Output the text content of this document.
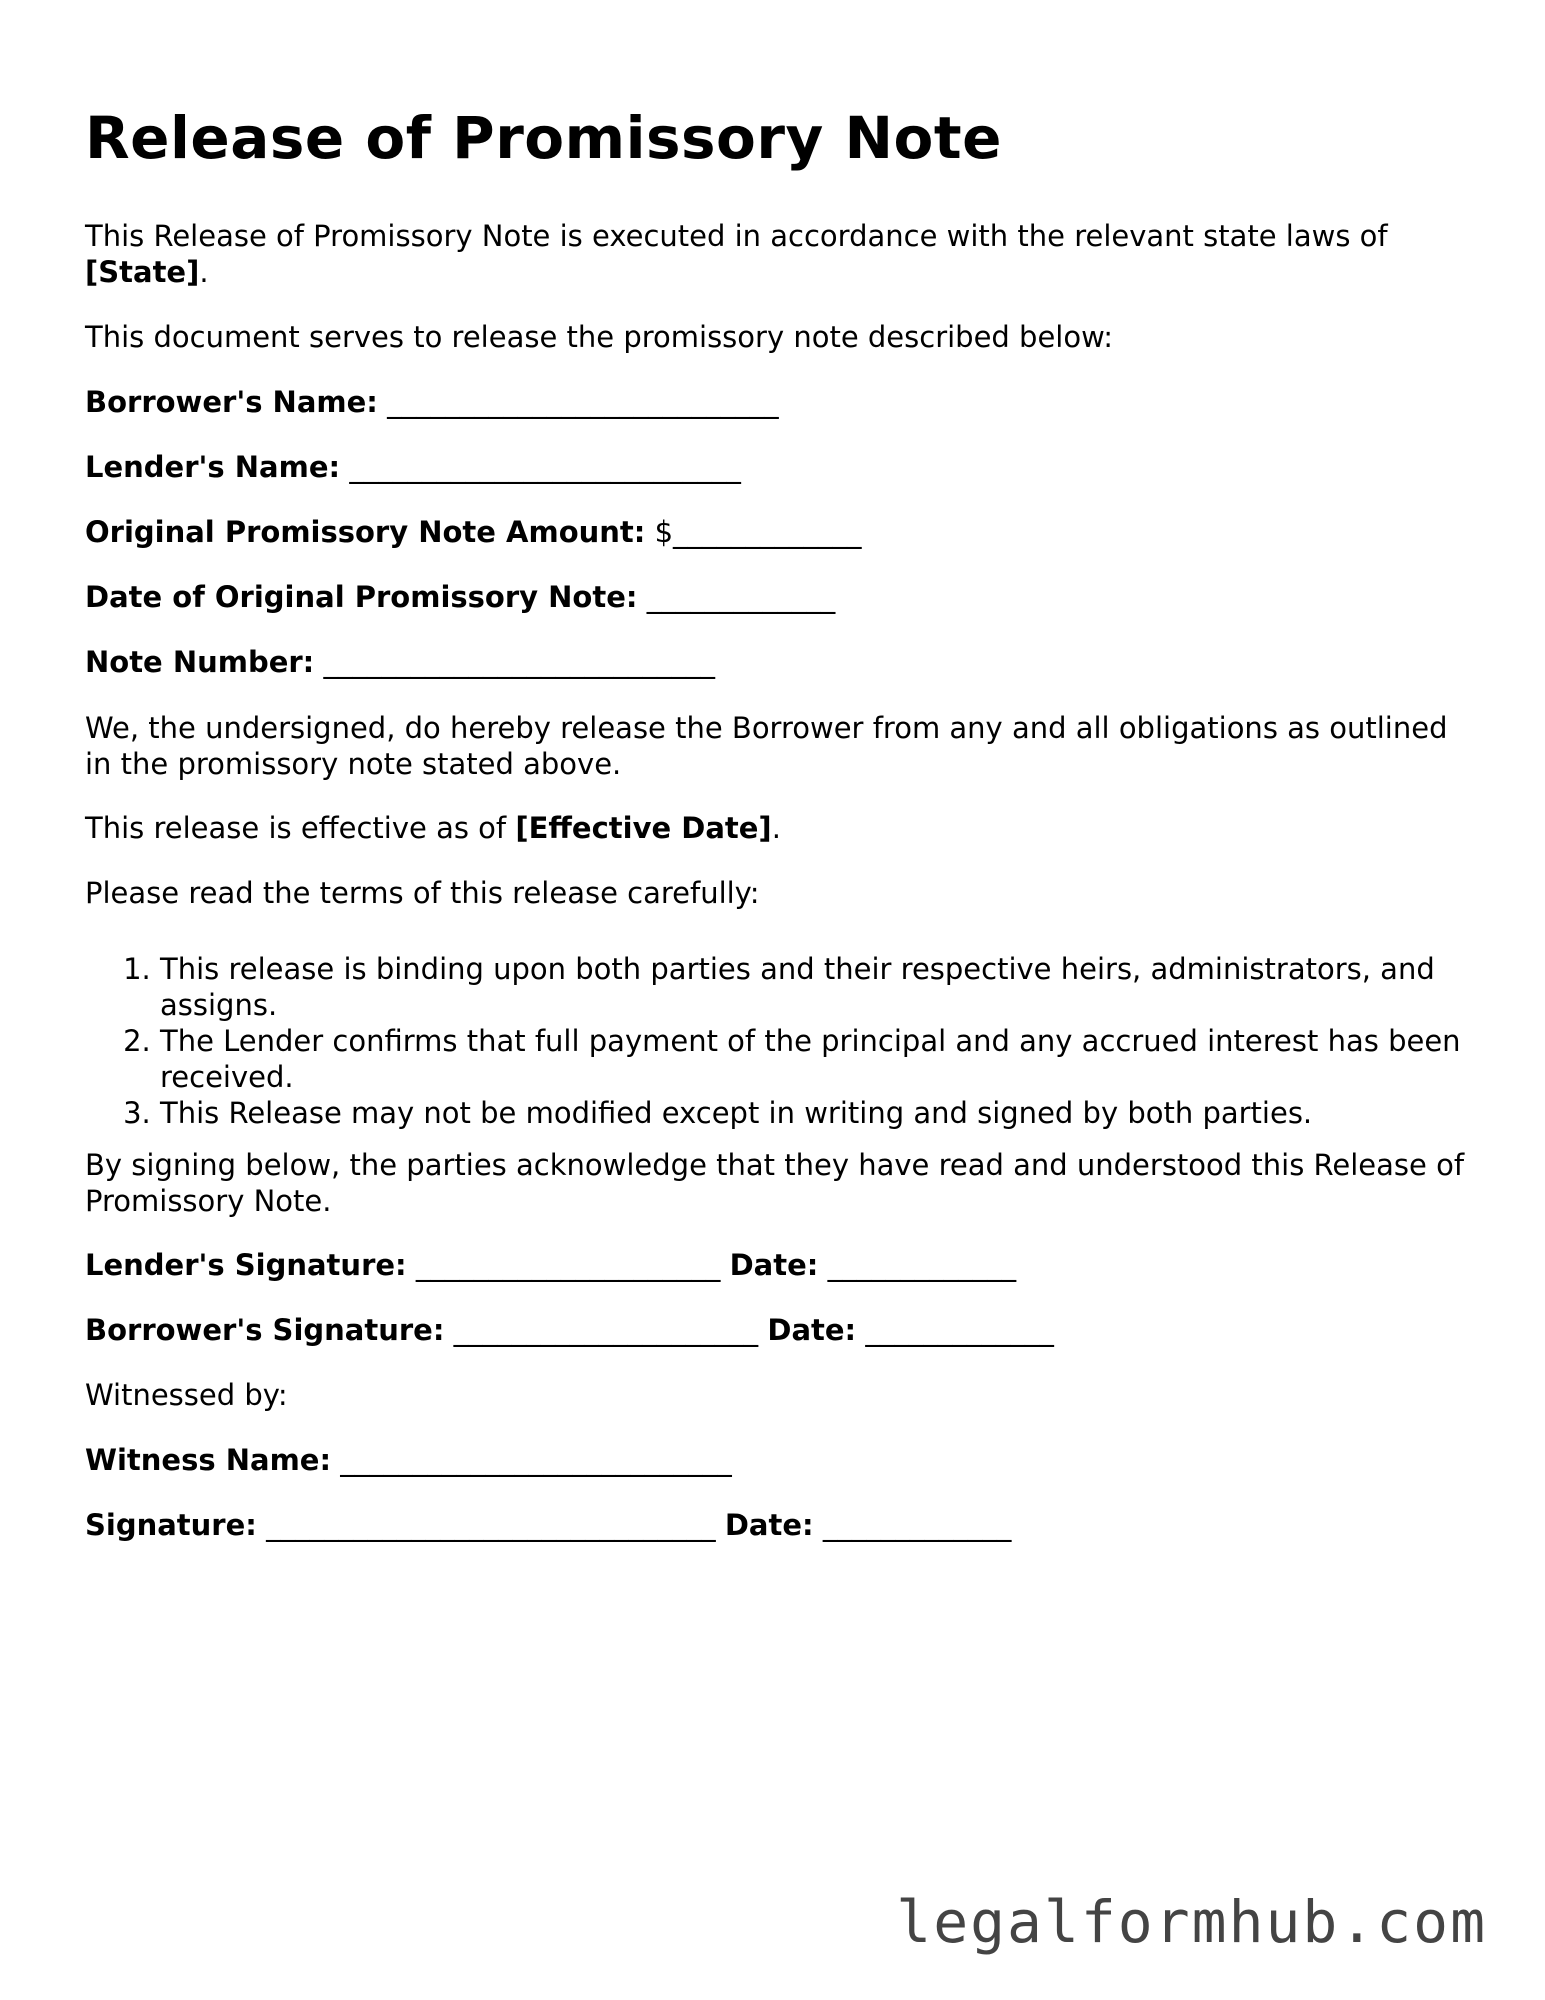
Release of Promissory Note

This Release of Promissory Note is executed in accordance with the relevant state laws of [State].

This document serves to release the promissory note described below:

Borrower's Name: ___________________________

Lender's Name: ___________________________

Original Promissory Note Amount: $_____________

Date of Original Promissory Note: _____________

Note Number: ___________________________

We, the undersigned, do hereby release the Borrower from any and all obligations as outlined in the promissory note stated above.

This release is effective as of [Effective Date].

Please read the terms of this release carefully:

1. This release is binding upon both parties and their respective heirs, administrators, and assigns.
2. The Lender confirms that full payment of the principal and any accrued interest has been received.
3. This Release may not be modified except in writing and signed by both parties.

By signing below, the parties acknowledge that they have read and understood this Release of Promissory Note.

Lender's Signature: _____________________ Date: _____________

Borrower's Signature: _____________________ Date: _____________

Witnessed by:

Witness Name: ___________________________

Signature: _______________________________ Date: _____________

legalformhub.com
